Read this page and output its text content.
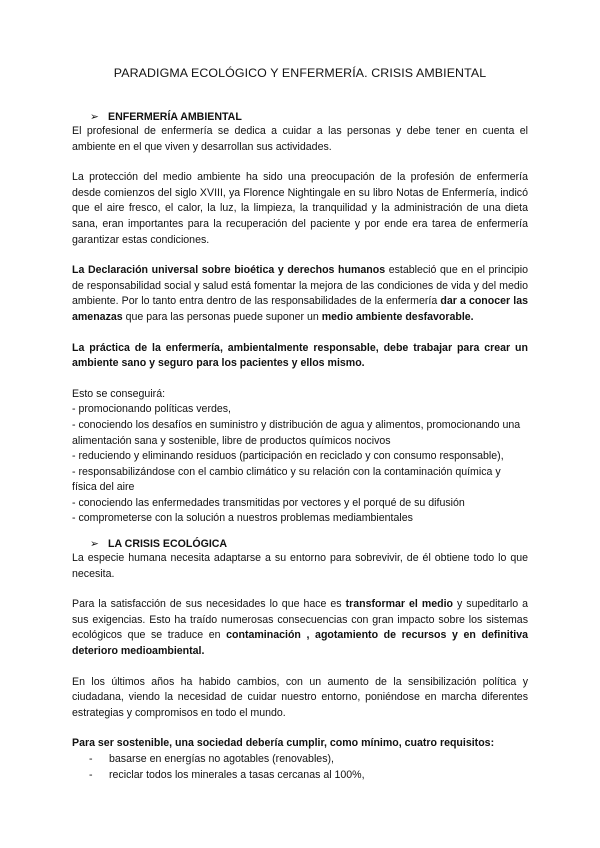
PARADIGMA ECOLÓGICO Y ENFERMERÍA. CRISIS AMBIENTAL
➢ ENFERMERÍA AMBIENTAL

El profesional de enfermería se dedica a cuidar a las personas y debe tener en cuenta el ambiente en el que viven y desarrollan sus actividades.

La protección del medio ambiente ha sido una preocupación de la profesión de enfermería desde comienzos del siglo XVIII, ya Florence Nightingale en su libro Notas de Enfermería, indicó que el aire fresco, el calor, la luz, la limpieza, la tranquilidad y la administración de una dieta sana, eran importantes para la recuperación del paciente y por ende era tarea de enfermería garantizar estas condiciones.

La Declaración universal sobre bioética y derechos humanos estableció que en el principio de responsabilidad social y salud está fomentar la mejora de las condiciones de vida y del medio ambiente. Por lo tanto entra dentro de las responsabilidades de la enfermería dar a conocer las amenazas que para las personas puede suponer un medio ambiente desfavorable.

La práctica de la enfermería, ambientalmente responsable, debe trabajar para crear un ambiente sano y seguro para los pacientes y ellos mismo.

Esto se conseguirá:

- promocionando políticas verdes,
- conociendo los desafíos en suministro y distribución de agua y alimentos, promocionando una alimentación sana y sostenible, libre de productos químicos nocivos
- reduciendo y eliminando residuos (participación en reciclado y con consumo responsable),
- responsabilizándose con el cambio climático y su relación con la contaminación química y física del aire
- conociendo las enfermedades transmitidas por vectores y el porqué de su difusión
- comprometerse con la solución a nuestros problemas mediambientales
➢ LA CRISIS ECOLÓGICA

La especie humana necesita adaptarse a su entorno para sobrevivir, de él obtiene todo lo que necesita.

Para la satisfacción de sus necesidades lo que hace es transformar el medio y supeditarlo a sus exigencias. Esto ha traído numerosas consecuencias con gran impacto sobre los sistemas ecológicos que se traduce en contaminación , agotamiento de recursos y en definitiva deterioro medioambiental.

En los últimos años ha habido cambios, con un aumento de la sensibilización política y ciudadana, viendo la necesidad de cuidar nuestro entorno, poniéndose en marcha diferentes estrategias y compromisos en todo el mundo.

Para ser sostenible, una sociedad debería cumplir, como mínimo, cuatro requisitos:

- basarse en energías no agotables (renovables),
- reciclar todos los minerales a tasas cercanas al 100%,
